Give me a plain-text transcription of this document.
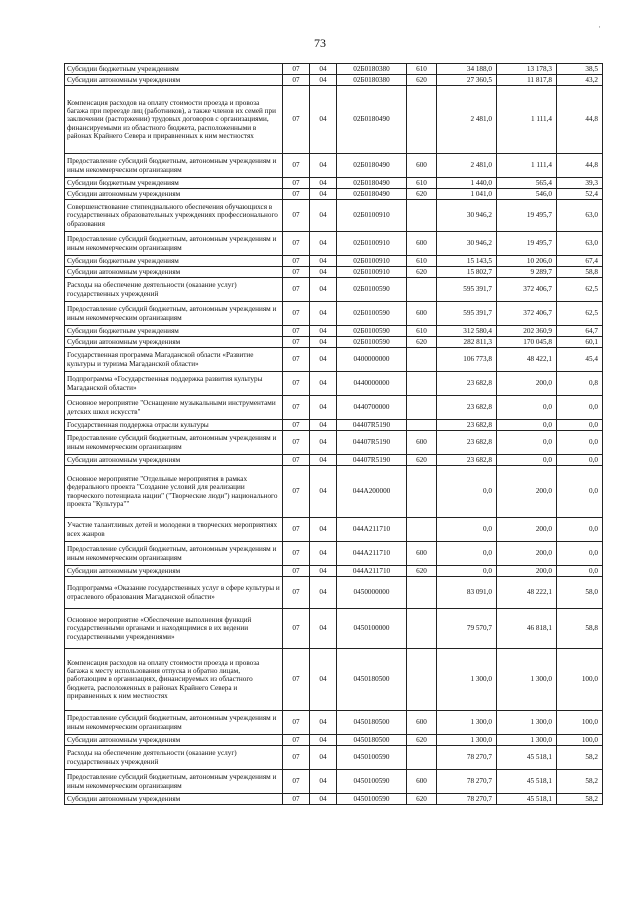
73
Субсидии бюджетным учреждениям	07	04	02Б0180380	610	34 188,0	13 178,3	38,5
Субсидии автономным учреждениям	07	04	02Б0180380	620	27 360,5	11 817,8	43,2
Компенсация расходов на оплату стоимости проезда и провоза багажа при переезде лиц (работников), а также членов их семей при заключении (расторжении) трудовых договоров с организациями, финансируемыми из областного бюджета, расположенными в районах Крайнего Севера и приравненных к ним местностях	07	04	02Б0180490		2 481,0	1 111,4	44,8
Предоставление субсидий бюджетным, автономным учреждениям и иным некоммерческим организациям	07	04	02Б0180490	600	2 481,0	1 111,4	44,8
Субсидии бюджетным учреждениям	07	04	02Б0180490	610	1 440,0	565,4	39,3
Субсидии автономным учреждениям	07	04	02Б0180490	620	1 041,0	546,0	52,4
Совершенствование стипендиального обеспечения обучающихся в государственных образовательных учреждениях профессионального образования	07	04	02Б0100910		30 946,2	19 495,7	63,0
Предоставление субсидий бюджетным, автономным учреждениям и иным некоммерческим организациям	07	04	02Б0100910	600	30 946,2	19 495,7	63,0
Субсидии бюджетным учреждениям	07	04	02Б0100910	610	15 143,5	10 206,0	67,4
Субсидии автономным учреждениям	07	04	02Б0100910	620	15 802,7	9 289,7	58,8
Расходы на обеспечение деятельности (оказание услуг) государственных учреждений	07	04	02Б0100590		595 391,7	372 406,7	62,5
Предоставление субсидий бюджетным, автономным учреждениям и иным некоммерческим организациям	07	04	02Б0100590	600	595 391,7	372 406,7	62,5
Субсидии бюджетным учреждениям	07	04	02Б0100590	610	312 580,4	202 360,9	64,7
Субсидии автономным учреждениям	07	04	02Б0100590	620	282 811,3	170 045,8	60,1
Государственная программа Магаданской области «Развитие культуры и туризма Магаданской области»	07	04	0400000000		106 773,8	48 422,1	45,4
Подпрограмма «Государственная поддержка развития культуры Магаданской области»	07	04	0440000000		23 682,8	200,0	0,8
Основное мероприятие "Оснащение музыкальными инструментами детских школ искусств"	07	04	0440700000		23 682,8	0,0	0,0
Государственная поддержка отрасли культуры	07	04	04407R5190		23 682,8	0,0	0,0
Предоставление субсидий бюджетным, автономным учреждениям и иным некоммерческим организациям	07	04	04407R5190	600	23 682,8	0,0	0,0
Субсидии автономным учреждениям	07	04	04407R5190	620	23 682,8	0,0	0,0
Основное мероприятие "Отдельные мероприятия в рамках федерального проекта "Создание условий для реализации творческого потенциала нации" ("Творческие люди") национального проекта "Культура""	07	04	044A200000		0,0	200,0	0,0
Участие талантливых детей и молодежи в творческих мероприятиях всех жанров	07	04	044A211710		0,0	200,0	0,0
Предоставление субсидий бюджетным, автономным учреждениям и иным некоммерческим организациям	07	04	044A211710	600	0,0	200,0	0,0
Субсидии автономным учреждениям	07	04	044A211710	620	0,0	200,0	0,0
Подпрограмма «Оказание государственных услуг в сфере культуры и отраслевого образования Магаданской области»	07	04	0450000000		83 091,0	48 222,1	58,0
Основное мероприятие «Обеспечение выполнения функций государственными органами и находящимися в их ведении государственными учреждениями»	07	04	0450100000		79 570,7	46 818,1	58,8
Компенсация расходов на оплату стоимости проезда и провоза багажа к месту использования отпуска и обратно лицам, работающим в организациях, финансируемых из областного бюджета, расположенных в районах Крайнего Севера и приравненных к ним местностях	07	04	0450180500		1 300,0	1 300,0	100,0
Предоставление субсидий бюджетным, автономным учреждениям и иным некоммерческим организациям	07	04	0450180500	600	1 300,0	1 300,0	100,0
Субсидии автономным учреждениям	07	04	0450180500	620	1 300,0	1 300,0	100,0
Расходы на обеспечение деятельности (оказание услуг) государственных учреждений	07	04	0450100590		78 270,7	45 518,1	58,2
Предоставление субсидий бюджетным, автономным учреждениям и иным некоммерческим организациям	07	04	0450100590	600	78 270,7	45 518,1	58,2
Субсидии автономным учреждениям	07	04	0450100590	620	78 270,7	45 518,1	58,2
·
